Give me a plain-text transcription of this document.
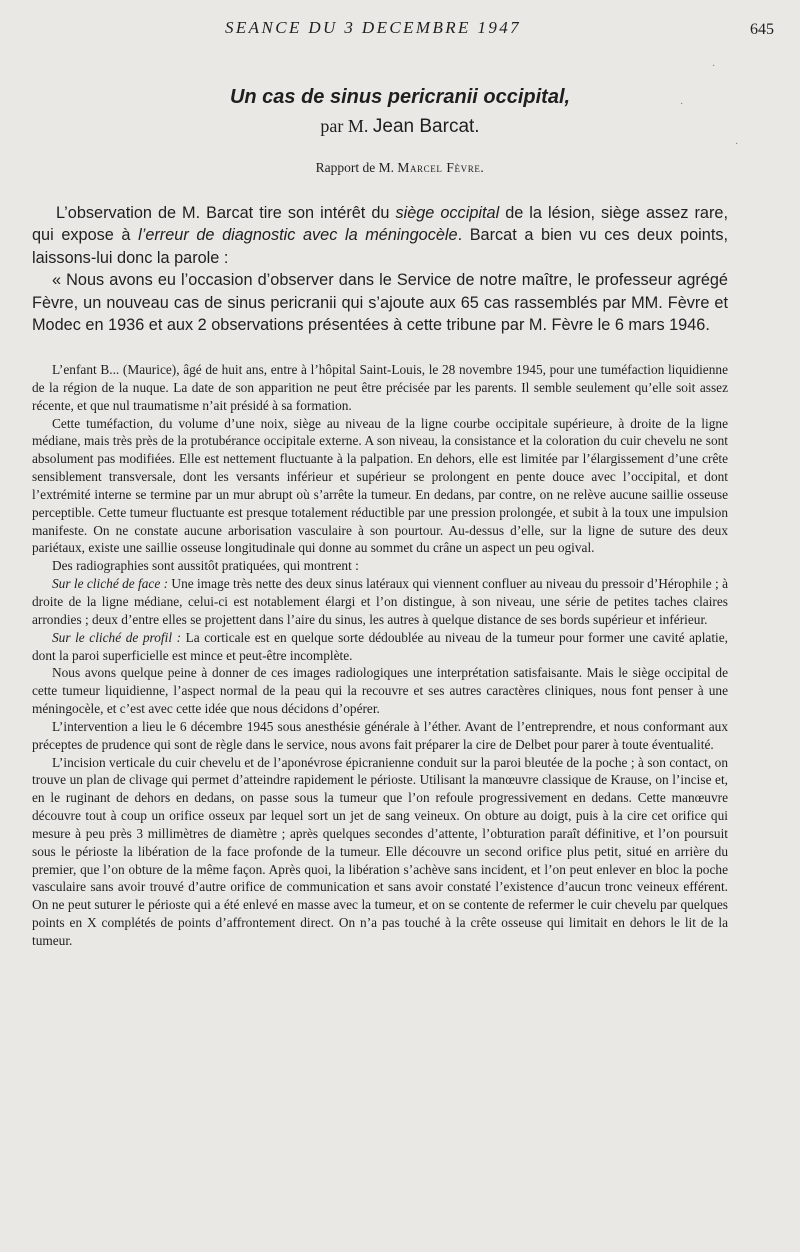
SEANCE DU 3 DECEMBRE 1947	645
Un cas de sinus pericranii occipital,
par M. Jean Barcat.
Rapport de M. Marcel Fèvre.

L’observation de M. Barcat tire son intérêt du siège occipital de la lésion, siège assez rare, qui expose à l’erreur de diagnostic avec la méningocèle. Barcat a bien vu ces deux points, laissons-lui donc la parole :

« Nous avons eu l’occasion d’observer dans le Service de notre maître, le professeur agrégé Fèvre, un nouveau cas de sinus pericranii qui s’ajoute aux 65 cas rassemblés par MM. Fèvre et Modec en 1936 et aux 2 observations présentées à cette tribune par M. Fèvre le 6 mars 1946.

L’enfant B... (Maurice), âgé de huit ans, entre à l’hôpital Saint-Louis, le 28 novembre 1945, pour une tuméfaction liquidienne de la région de la nuque. La date de son apparition ne peut être précisée par les parents. Il semble seulement qu’elle soit assez récente, et que nul traumatisme n’ait présidé à sa formation.

Cette tuméfaction, du volume d’une noix, siège au niveau de la ligne courbe occipitale supérieure, à droite de la ligne médiane, mais très près de la protubérance occipitale externe. A son niveau, la consistance et la coloration du cuir chevelu ne sont absolument pas modifiées. Elle est nettement fluctuante à la palpation. En dehors, elle est limitée par l’élargissement d’une crête sensiblement transversale, dont les versants inférieur et supérieur se prolongent en pente douce avec l’occipital, et dont l’extrémité interne se termine par un mur abrupt où s’arrête la tumeur. En dedans, par contre, on ne relève aucune saillie osseuse perceptible. Cette tumeur fluctuante est presque totalement réductible par une pression prolongée, et subit à la toux une impulsion manifeste. On ne constate aucune arborisation vasculaire à son pourtour. Au-dessus d’elle, sur la ligne de suture des deux pariétaux, existe une saillie osseuse longitudinale qui donne au sommet du crâne un aspect un peu ogival.

Des radiographies sont aussitôt pratiquées, qui montrent :

Sur le cliché de face : Une image très nette des deux sinus latéraux qui viennent confluer au niveau du pressoir d’Hérophile ; à droite de la ligne médiane, celui-ci est notablement élargi et l’on distingue, à son niveau, une série de petites taches claires arrondies ; deux d’entre elles se projettent dans l’aire du sinus, les autres à quelque distance de ses bords supérieur et inférieur.

Sur le cliché de profil : La corticale est en quelque sorte dédoublée au niveau de la tumeur pour former une cavité aplatie, dont la paroi superficielle est mince et peut-être incomplète.

Nous avons quelque peine à donner de ces images radiologiques une interprétation satisfaisante. Mais le siège occipital de cette tumeur liquidienne, l’aspect normal de la peau qui la recouvre et ses autres caractères cliniques, nous font penser à une méningocèle, et c’est avec cette idée que nous décidons d’opérer.

L’intervention a lieu le 6 décembre 1945 sous anesthésie générale à l’éther. Avant de l’entreprendre, et nous conformant aux préceptes de prudence qui sont de règle dans le service, nous avons fait préparer la cire de Delbet pour parer à toute éventualité.

L’incision verticale du cuir chevelu et de l’aponévrose épicranienne conduit sur la paroi bleutée de la poche ; à son contact, on trouve un plan de clivage qui permet d’atteindre rapidement le périoste. Utilisant la manœuvre classique de Krause, on l’incise et, en le ruginant de dehors en dedans, on passe sous la tumeur que l’on refoule progressivement en dedans. Cette manœuvre découvre tout à coup un orifice osseux par lequel sort un jet de sang veineux. On obture au doigt, puis à la cire cet orifice qui mesure à peu près 3 millimètres de diamètre ; après quelques secondes d’attente, l’obturation paraît définitive, et l’on poursuit sous le périoste la libération de la face profonde de la tumeur. Elle découvre un second orifice plus petit, situé en arrière du premier, que l’on obture de la même façon. Après quoi, la libération s’achève sans incident, et l’on peut enlever en bloc la poche vasculaire sans avoir trouvé d’autre orifice de communication et sans avoir constaté l’existence d’aucun tronc veineux efférent. On ne peut suturer le périoste qui a été enlevé en masse avec la tumeur, et on se contente de refermer le cuir chevelu par quelques points en X complétés de points d’affrontement direct. On n’a pas touché à la crête osseuse qui limitait en dehors le lit de la tumeur.

·
·
·
